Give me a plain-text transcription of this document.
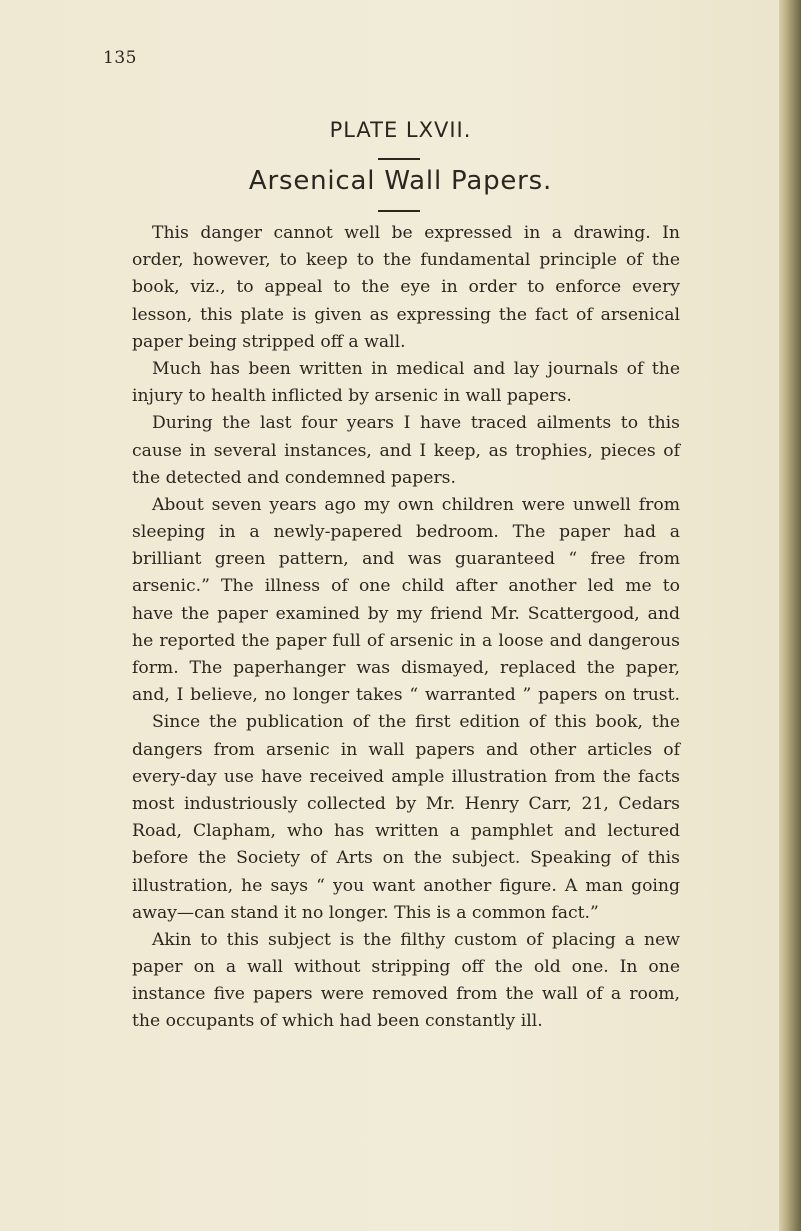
135
PLATE LXVII.
Arsenical Wall Papers.
This danger cannot well be expressed in a drawing. In
order, however, to keep to the fundamental principle of the
book, viz., to appeal to the eye in order to enforce every
lesson, this plate is given as expressing the fact of arsenical
paper being stripped off a wall.
Much has been written in medical and lay journals of the
injury to health inflicted by arsenic in wall papers.
During the last four years I have traced ailments to this
cause in several instances, and I keep, as trophies, pieces of
the detected and condemned papers.
About seven years ago my own children were unwell from
sleeping in a newly-papered bedroom. The paper had a
brilliant green pattern, and was guaranteed “ free from
arsenic.” The illness of one child after another led me to
have the paper examined by my friend Mr. Scattergood, and
he reported the paper full of arsenic in a loose and dangerous
form. The paperhanger was dismayed, replaced the paper,
and, I believe, no longer takes “ warranted ” papers on trust.
Since the publication of the first edition of this book, the
dangers from arsenic in wall papers and other articles of
every-day use have received ample illustration from the facts
most industriously collected by Mr. Henry Carr, 21, Cedars
Road, Clapham, who has written a pamphlet and lectured
before the Society of Arts on the subject. Speaking of this
illustration, he says “ you want another figure. A man going
away—can stand it no longer. This is a common fact.”
Akin to this subject is the filthy custom of placing a new
paper on a wall without stripping off the old one. In one
instance five papers were removed from the wall of a room,
the occupants of which had been constantly ill.
